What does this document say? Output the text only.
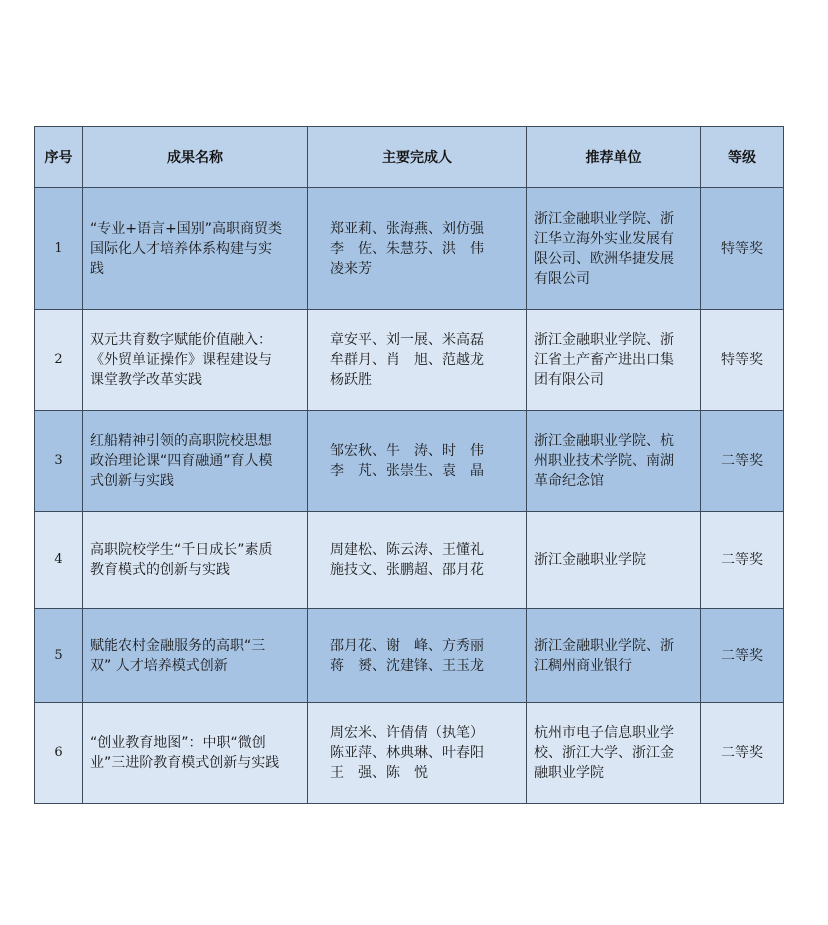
序号	成果名称	主要完成人	推荐单位	等级
1	“专业+语言+国别”高职商贸类
国际化人才培养体系构建与实
践	郑亚莉、张海燕、刘仿强
李　佐、朱慧芬、洪　伟
凌来芳	浙江金融职业学院、浙
江华立海外实业发展有
限公司、欧洲华捷发展
有限公司	特等奖
2	双元共育数字赋能价值融入：
《外贸单证操作》课程建设与
课堂教学改革实践	章安平、刘一展、米高磊
牟群月、肖　旭、范越龙
杨跃胜	浙江金融职业学院、浙
江省土产畜产进出口集
团有限公司	特等奖
3	红船精神引领的高职院校思想
政治理论课“四育融通”育人模
式创新与实践	邹宏秋、牛　涛、时　伟
李　芃、张崇生、袁　晶	浙江金融职业学院、杭
州职业技术学院、南湖
革命纪念馆	二等奖
4	高职院校学生“千日成长”素质
教育模式的创新与实践	周建松、陈云涛、王懂礼
施技文、张鹏超、邵月花	浙江金融职业学院	二等奖
5	赋能农村金融服务的高职“三
双” 人才培养模式创新	邵月花、谢　峰、方秀丽
蒋　赟、沈建锋、王玉龙	浙江金融职业学院、浙
江稠州商业银行	二等奖
6	“创业教育地图”：中职“微创
业”三进阶教育模式创新与实践	周宏米、许倩倩（执笔）
陈亚萍、林典琳、叶春阳
王　强、陈　悦	杭州市电子信息职业学
校、浙江大学、浙江金
融职业学院	二等奖
